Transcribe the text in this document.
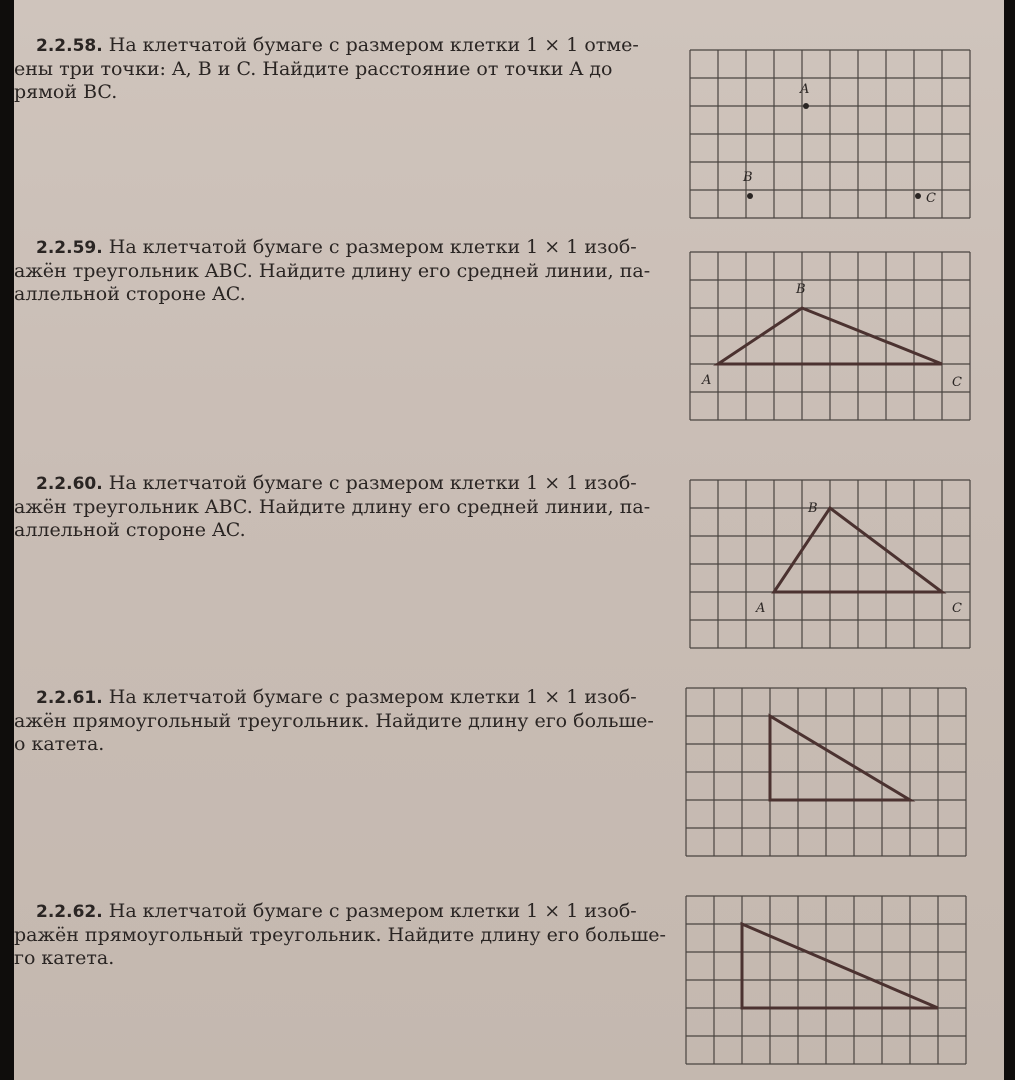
2.2.58. На клетчатой бумаге с размером клетки 1 × 1 отме-
ены три точки: A, B и C. Найдите расстояние от точки A до
рямой BC.	A
B
C
2.2.59. На клетчатой бумаге с размером клетки 1 × 1 изоб-
ажён треугольник ABC. Найдите длину его средней линии, па-
аллельной стороне AC.
A
B
C
2.2.60. На клетчатой бумаге с размером клетки 1 × 1 изоб-
ажён треугольник ABC. Найдите длину его средней линии, па-
аллельной стороне AC.
A
B
C
2.2.61. На клетчатой бумаге с размером клетки 1 × 1 изоб-
ажён прямоугольный треугольник. Найдите длину его больше-
о катета.
2.2.62. На клетчатой бумаге с размером клетки 1 × 1 изоб-
ражён прямоугольный треугольник. Найдите длину его больше-
го катета.
